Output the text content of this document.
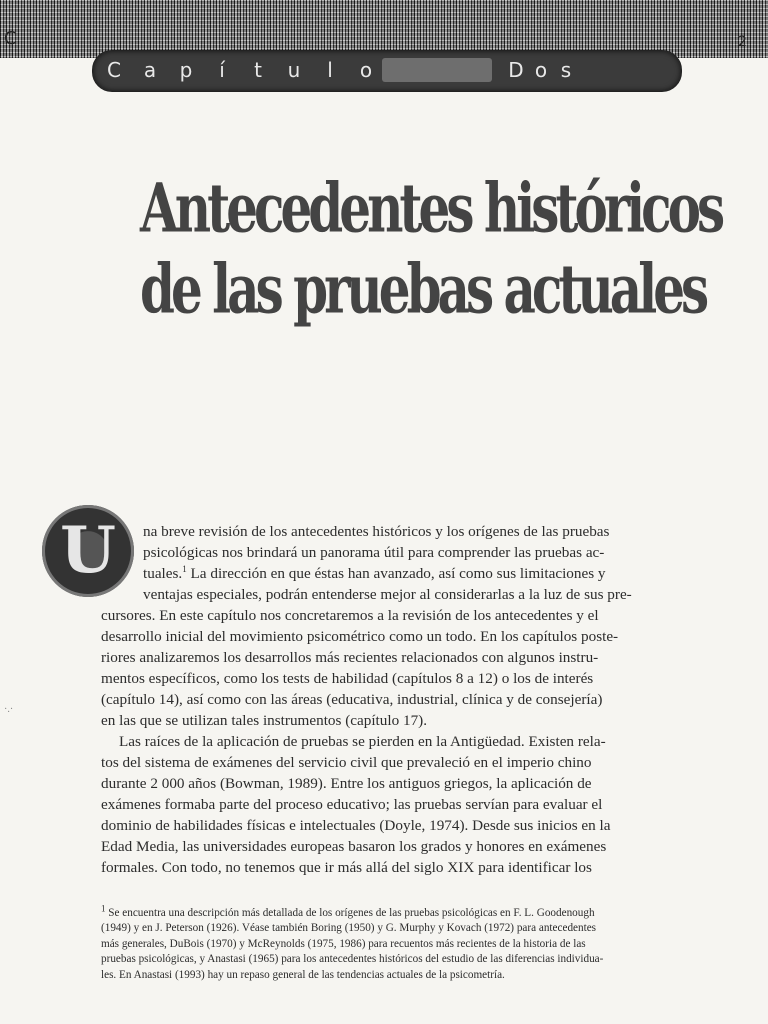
C	2
C a p	í	t	u	l	o	D o s
Antecedentes históricos
de las pruebas actuales
U na breve revisión de los antecedentes históricos y los orígenes de las pruebas
psicológicas nos brindará un panorama útil para comprender las pruebas ac-
tuales.$^1$ La dirección en que éstas han avanzado, así como sus limitaciones y
ventajas especiales, podrán entenderse mejor al considerarlas a la luz de sus pre-
cursores. En este capítulo nos concretaremos a la revisión de los antecedentes y el
desarrollo inicial del movimiento psicométrico como un todo. En los capítulos poste-
riores analizaremos los desarrollos más recientes relacionados con algunos instru-
mentos específicos, como los tests de habilidad (capítulos 8 a 12) o los de interés
(capítulo 14), así como con las áreas (educativa, industrial, clínica y de consejería)
en las que se utilizan tales instrumentos (capítulo 17).
Las raíces de la aplicación de pruebas se pierden en la Antigüedad. Existen rela-
tos del sistema de exámenes del servicio civil que prevaleció en el imperio chino
durante 2 000 años (Bowman, 1989). Entre los antiguos griegos, la aplicación de
exámenes formaba parte del proceso educativo; las pruebas servían para evaluar el
dominio de habilidades físicas e intelectuales (Doyle, 1974). Desde sus inicios en la
Edad Media, las universidades europeas basaron los grados y honores en exámenes
formales. Con todo, no tenemos que ir más allá del siglo XIX para identificar los
$^1$ Se encuentra una descripción más detallada de los orígenes de las pruebas psicológicas en F. L. Goodenough
(1949) y en J. Peterson (1926). Véase también Boring (1950) y G. Murphy y Kovach (1972) para antecedentes
más generales, DuBois (1970) y McReynolds (1975, 1986) para recuentos más recientes de la historia de las
pruebas psicológicas, y Anastasi (1965) para los antecedentes históricos del estudio de las diferencias individua-
les. En Anastasi (1993) hay un repaso general de las tendencias actuales de la psicometría.
·.·
